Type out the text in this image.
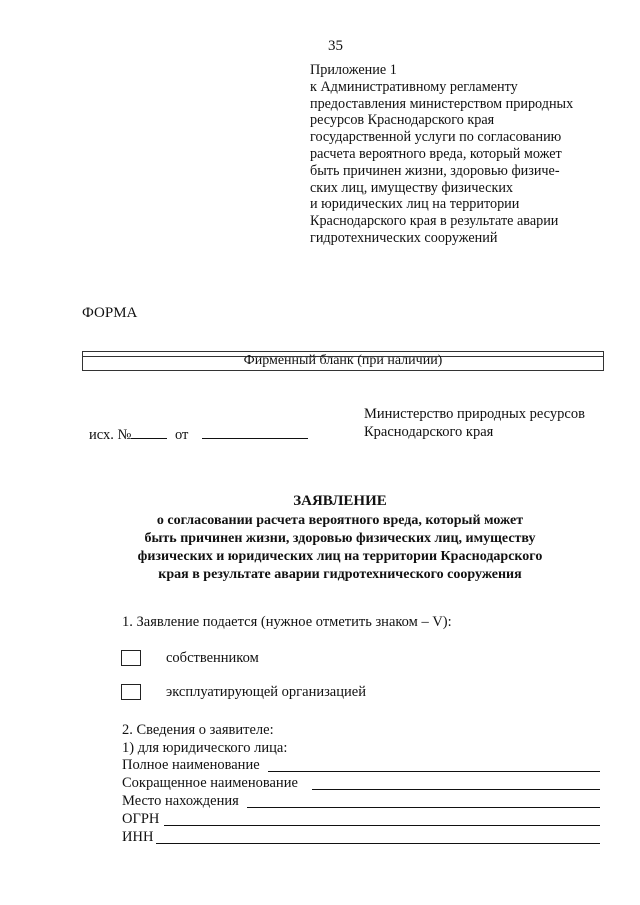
35
Приложение 1
к Административному регламенту
предоставления министерством природных
ресурсов Краснодарского края
государственной услуги по согласованию
расчета вероятного вреда, который может
быть причинен жизни, здоровью физиче-
ских лиц, имуществу физических
и юридических лиц на территории
Краснодарского края в результате аварии
гидротехнических сооружений
ФОРМА
Фирменный бланк (при наличии)
исх. №	от
Министерство природных ресурсов
Краснодарского края
ЗАЯВЛЕНИЕ
о согласовании расчета вероятного вреда, который может
быть причинен жизни, здоровью физических лиц, имуществу
физических и юридических лиц на территории Краснодарского
края в результате аварии гидротехнического сооружения
1. Заявление подается (нужное отметить знаком – V):
собственником
эксплуатирующей организацией
2. Сведения о заявителе:
1) для юридического лица:
Полное наименование
Сокращенное наименование
Место нахождения
ОГРН
ИНН
